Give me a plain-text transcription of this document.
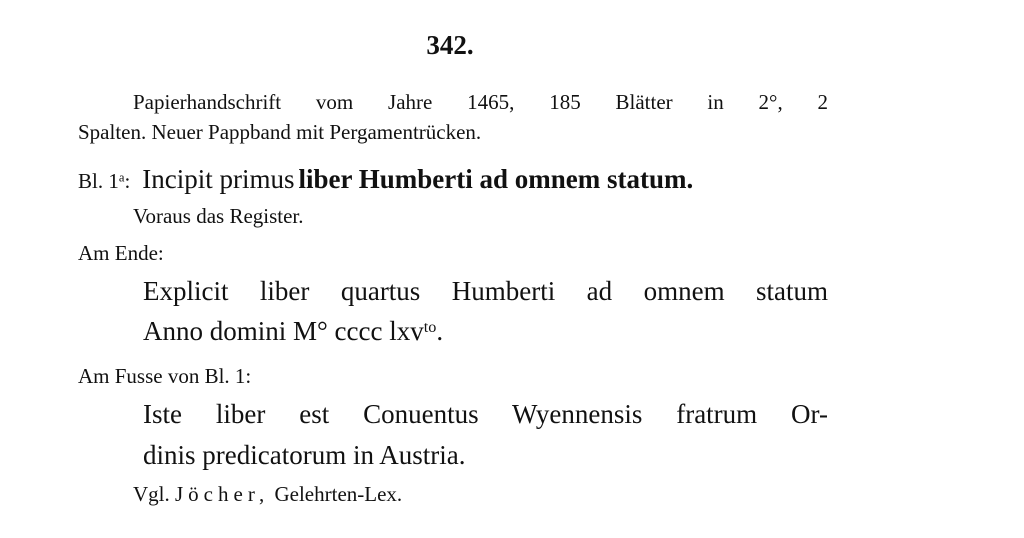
342.
Papierhandschrift vom Jahre 1465, 185 Blätter in 2°, 2
Spalten. Neuer Pappband mit Pergamentrücken.
Bl. 1$^a$: Incipit primus liber Humberti ad omnem statum.
Voraus das Register.
Am Ende:
Explicit liber quartus Humberti ad omnem statum
Anno domini M° cccc lxv$^{to}$.
Am Fusse von Bl. 1:
Iste liber est Conuentus Wyennensis fratrum Or-
dinis predicatorum in Austria.
Vgl. Jöcher, Gelehrten-Lex.
